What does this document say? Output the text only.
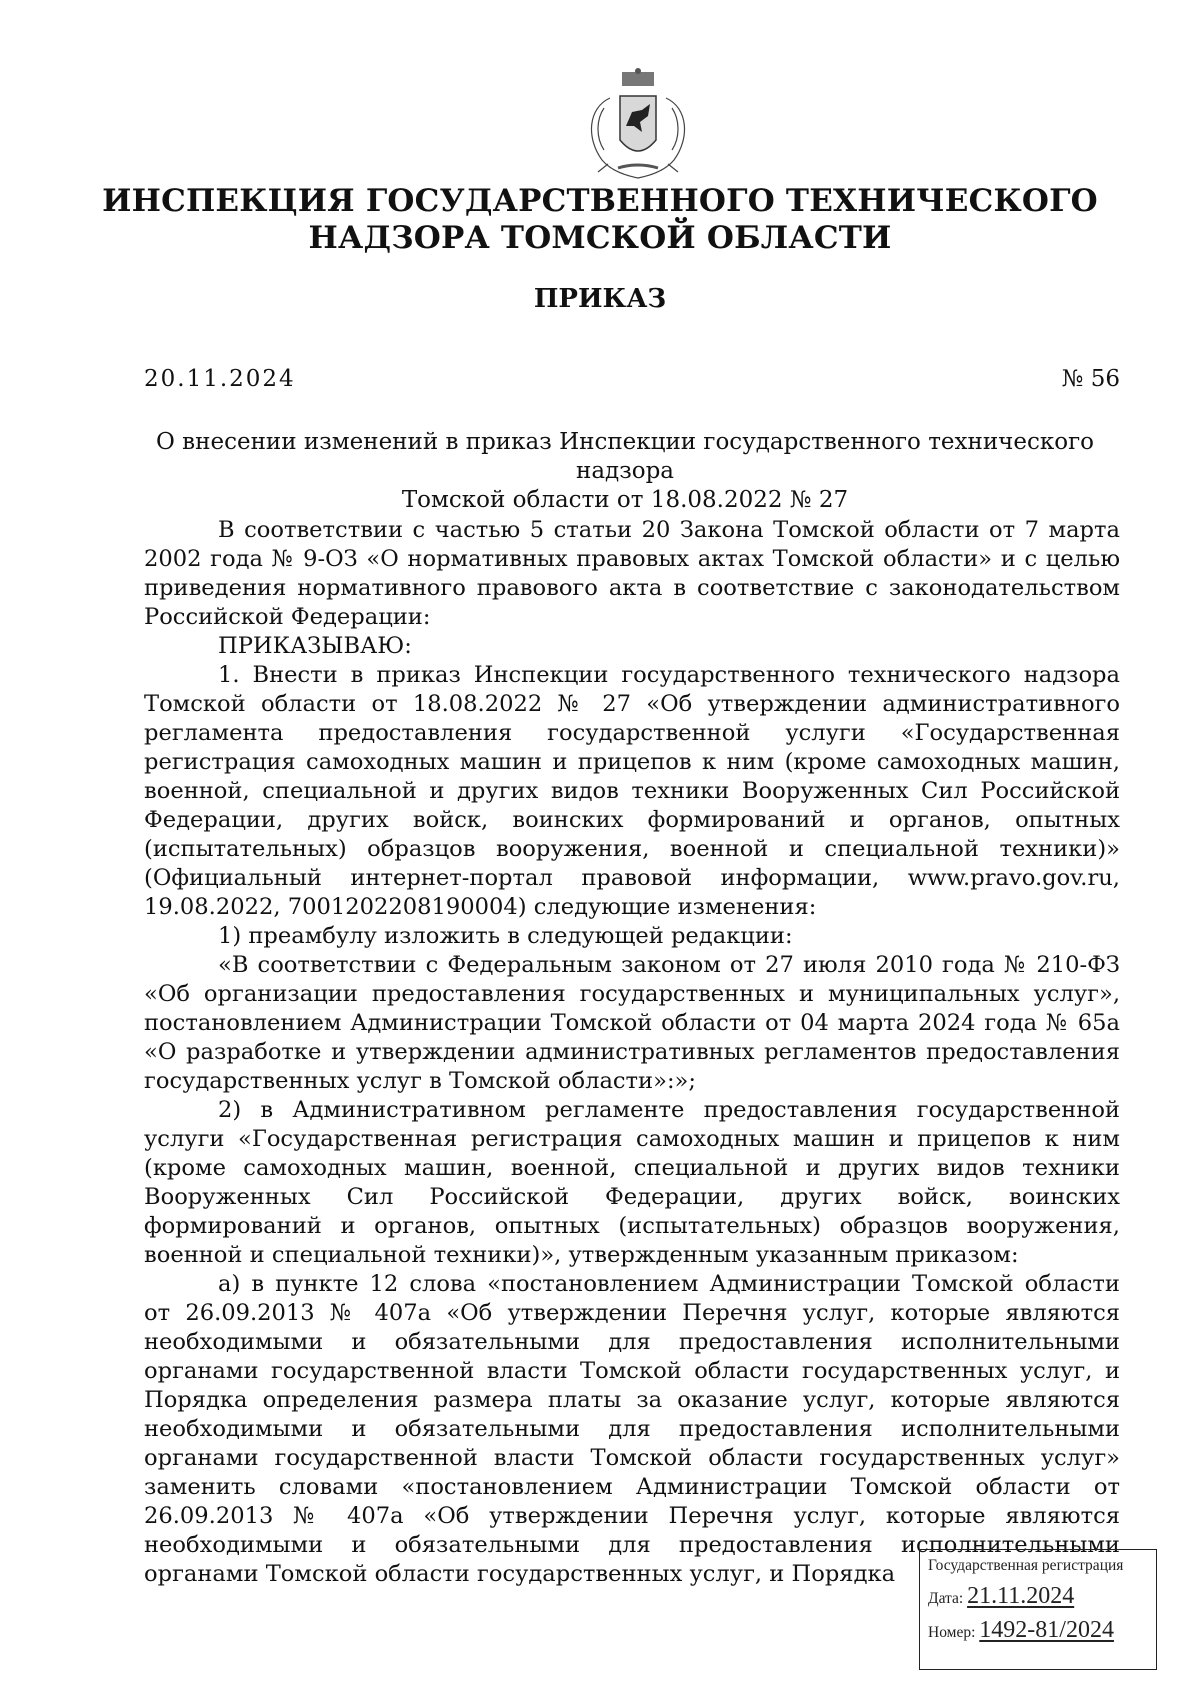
ИНСПЕКЦИЯ ГОСУДАРСТВЕННОГО ТЕХНИЧЕСКОГО
НАДЗОРА ТОМСКОЙ ОБЛАСТИ
ПРИКАЗ
20.11.2024	№ 56
О внесении изменений в приказ Инспекции государственного технического надзора
Томской области от 18.08.2022 № 27

В соответствии с частью 5 статьи 20 Закона Томской области от 7 марта 2002 года № 9-ОЗ «О нормативных правовых актах Томской области» и с целью приведения нормативного правового акта в соответствие с законодательством Российской Федерации:

ПРИКАЗЫВАЮ:

1. Внести в приказ Инспекции государственного технического надзора Томской области от 18.08.2022 № 27 «Об утверждении административного регламента предоставления государственной услуги «Государственная регистрация самоходных машин и прицепов к ним (кроме самоходных машин, военной, специальной и других видов техники Вооруженных Сил Российской Федерации, других войск, воинских формирований и органов, опытных (испытательных) образцов вооружения, военной и специальной техники)» (Официальный интернет-портал правовой информации, www.pravo.gov.ru, 19.08.2022, 7001202208190004) следующие изменения:

1) преамбулу изложить в следующей редакции:

«В соответствии с Федеральным законом от 27 июля 2010 года № 210-ФЗ «Об организации предоставления государственных и муниципальных услуг», постановлением Администрации Томской области от 04 марта 2024 года № 65а «О разработке и утверждении административных регламентов предоставления государственных услуг в Томской области»:»;

2) в Административном регламенте предоставления государственной услуги «Государственная регистрация самоходных машин и прицепов к ним (кроме самоходных машин, военной, специальной и других видов техники Вооруженных Сил Российской Федерации, других войск, воинских формирований и органов, опытных (испытательных) образцов вооружения, военной и специальной техники)», утвержденным указанным приказом:

а) в пункте 12 слова «постановлением Администрации Томской области от 26.09.2013 № 407а «Об утверждении Перечня услуг, которые являются необходимыми и обязательными для предоставления исполнительными органами государственной власти Томской области государственных услуг, и Порядка определения размера платы за оказание услуг, которые являются необходимыми и обязательными для предоставления исполнительными органами государственной власти Томской области государственных услуг» заменить словами «постановлением Администрации Томской области от 26.09.2013 № 407а «Об утверждении Перечня услуг, которые являются необходимыми и обязательными для предоставления исполнительными органами Томской области государственных услуг, и Порядка	Государственная регистрация
Дата: 21.11.2024
Номер: 1492-81/2024
